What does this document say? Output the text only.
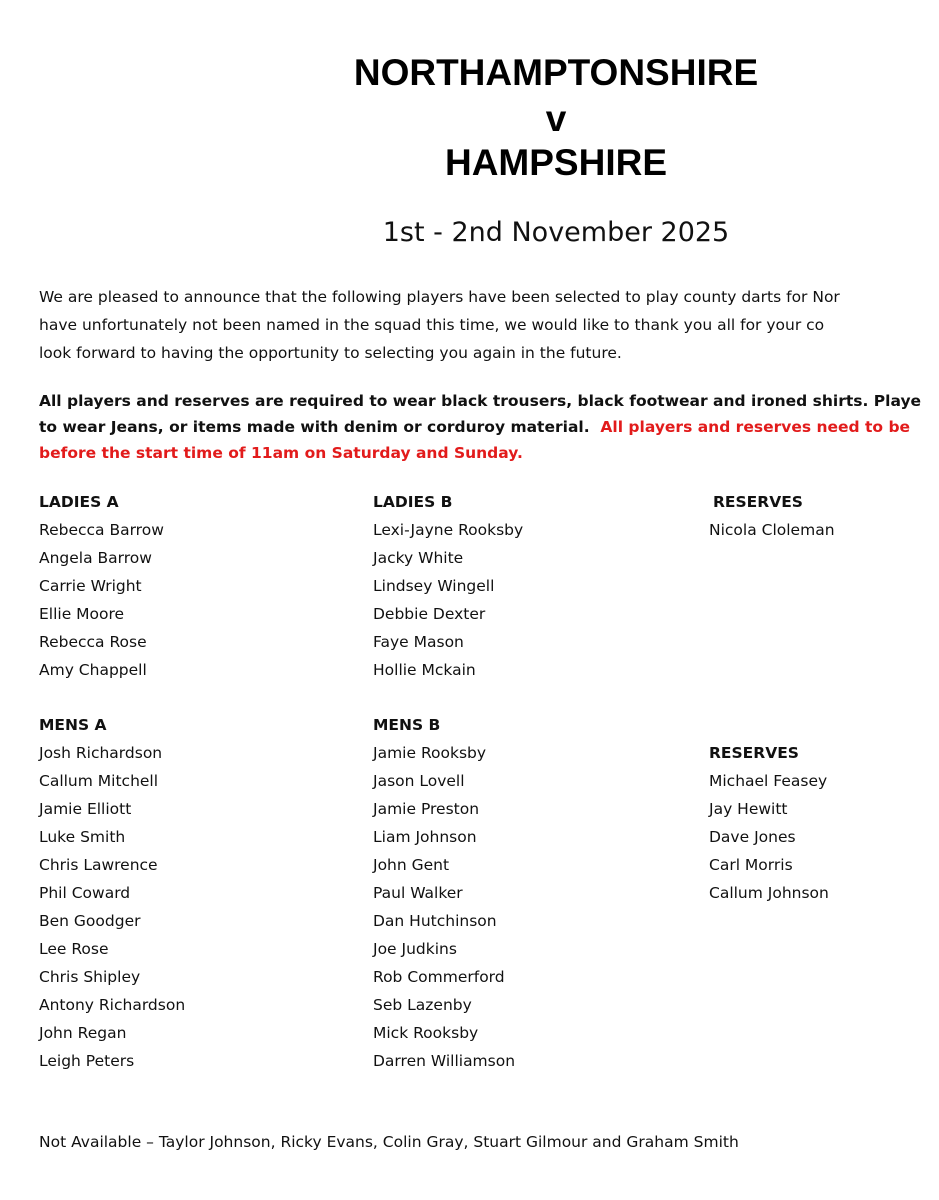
NORTHAMPTONSHIRE
v
HAMPSHIRE
1st - 2nd November 2025
We are pleased to announce that the following players have been selected to play county darts for Nor
have unfortunately not been named in the squad this time, we would like to thank you all for your co
look forward to having the opportunity to selecting you again in the future.
All players and reserves are required to wear black trousers, black footwear and ironed shirts. Playe
to wear Jeans, or items made with denim or corduroy material. All players and reserves need to be
before the start time of 11am on Saturday and Sunday.
LADIES A
Rebecca Barrow
Angela Barrow
Carrie Wright
Ellie Moore
Rebecca Rose
Amy Chappell
LADIES B
Lexi-Jayne Rooksby
Jacky White
Lindsey Wingell
Debbie Dexter
Faye Mason
Hollie Mckain
RESERVES
Nicola Cloleman
MENS A
Josh Richardson
Callum Mitchell
Jamie Elliott
Luke Smith
Chris Lawrence
Phil Coward
Ben Goodger
Lee Rose
Chris Shipley
Antony Richardson
John Regan
Leigh Peters
MENS B
Jamie Rooksby
Jason Lovell
Jamie Preston
Liam Johnson
John Gent
Paul Walker
Dan Hutchinson
Joe Judkins
Rob Commerford
Seb Lazenby
Mick Rooksby
Darren Williamson
RESERVES
Michael Feasey
Jay Hewitt
Dave Jones
Carl Morris
Callum Johnson
Not Available – Taylor Johnson, Ricky Evans, Colin Gray, Stuart Gilmour and Graham Smith
